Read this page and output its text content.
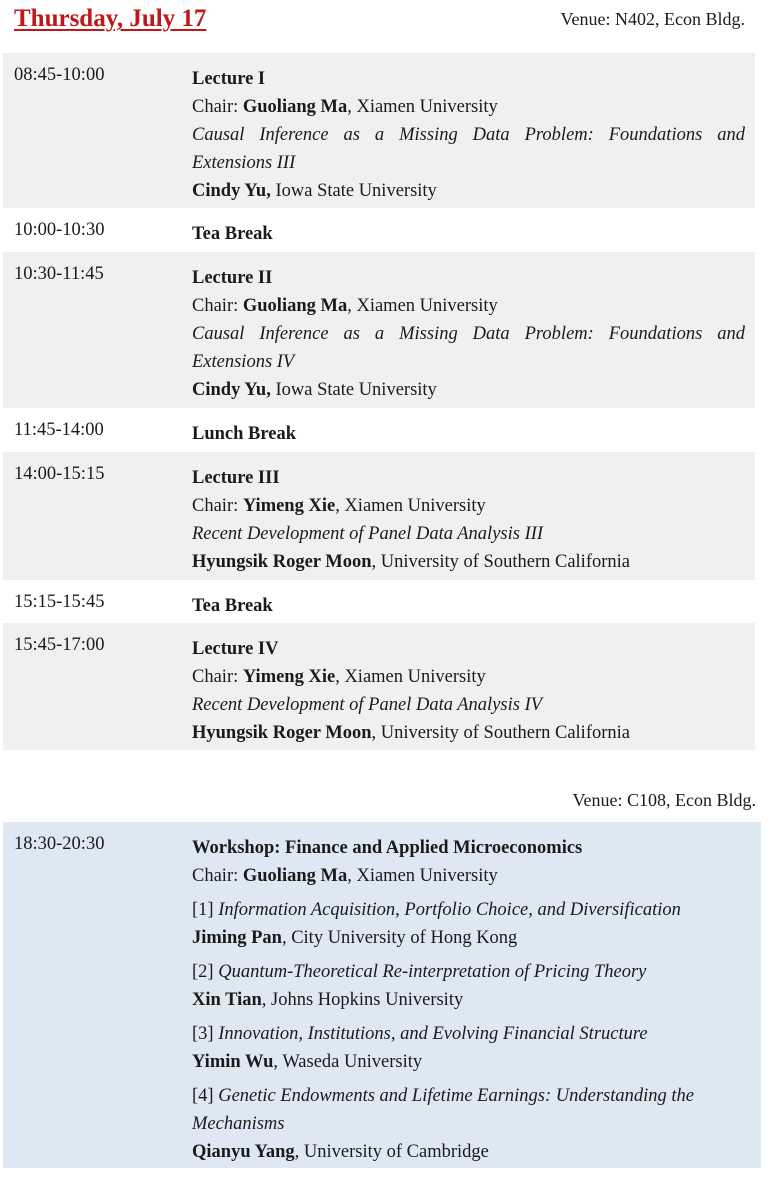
Thursday, July 17	Venue: N402, Econ Bldg.
08:45-10:00	Lecture I
Chair: Guoliang Ma, Xiamen University
Causal Inference as a Missing Data Problem: Foundations and Extensions III
Cindy Yu, Iowa State University
10:00-10:30	Tea Break
10:30-11:45	Lecture II
Chair: Guoliang Ma, Xiamen University
Causal Inference as a Missing Data Problem: Foundations and Extensions IV
Cindy Yu, Iowa State University
11:45-14:00	Lunch Break
14:00-15:15	Lecture III
Chair: Yimeng Xie, Xiamen University
Recent Development of Panel Data Analysis III
Hyungsik Roger Moon, University of Southern California
15:15-15:45	Tea Break
15:45-17:00	Lecture IV
Chair: Yimeng Xie, Xiamen University
Recent Development of Panel Data Analysis IV
Hyungsik Roger Moon, University of Southern California
Venue: C108, Econ Bldg.
18:30-20:30	Workshop: Finance and Applied Microeconomics
Chair: Guoliang Ma, Xiamen University
[1] Information Acquisition, Portfolio Choice, and Diversification
Jiming Pan, City University of Hong Kong
[2] Quantum-Theoretical Re-interpretation of Pricing Theory
Xin Tian, Johns Hopkins University
[3] Innovation, Institutions, and Evolving Financial Structure
Yimin Wu, Waseda University
[4] Genetic Endowments and Lifetime Earnings: Understanding the Mechanisms
Qianyu Yang, University of Cambridge
